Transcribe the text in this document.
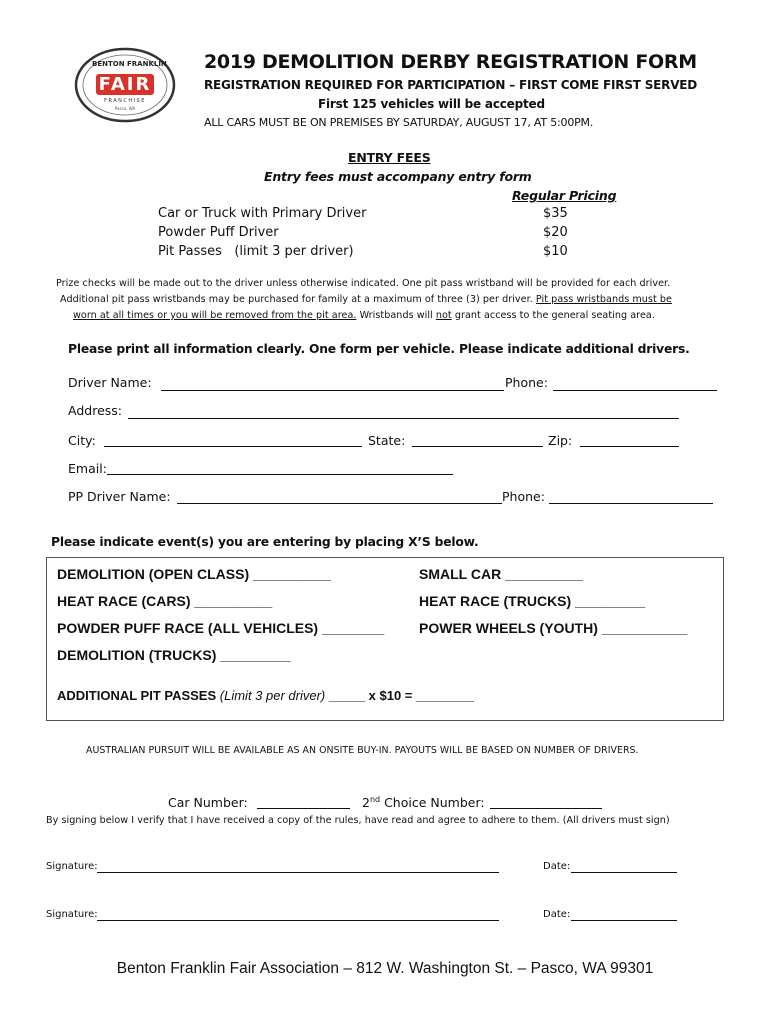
BENTON FRANKLIN
FAIR
FRANCHISE
Pasco, WA
2019 DEMOLITION DERBY REGISTRATION FORM
REGISTRATION REQUIRED FOR PARTICIPATION – FIRST COME FIRST SERVED
First 125 vehicles will be accepted
ALL CARS MUST BE ON PREMISES BY SATURDAY, AUGUST 17, AT 5:00PM.
ENTRY FEES
Entry fees must accompany entry form
Regular Pricing
Car or Truck with Primary Driver	$35
Powder Puff Driver	$20
Pit Passes   (limit 3 per driver)	$10
Prize checks will be made out to the driver unless otherwise indicated. One pit pass wristband will be provided for each driver.
Additional pit pass wristbands may be purchased for family at a maximum of three (3) per driver. Pit pass wristbands must be
worn at all times or you will be removed from the pit area. Wristbands will not grant access to the general seating area.
Please print all information clearly. One form per vehicle. Please indicate additional drivers.
Driver Name:	Phone:
Address:
City:	State:	Zip:
Email:
PP Driver Name:	Phone:
Please indicate event(s) you are entering by placing X’S below.
DEMOLITION (OPEN CLASS) __________	SMALL CAR __________
HEAT RACE (CARS) __________	HEAT RACE (TRUCKS) _________
POWDER PUFF RACE (ALL VEHICLES) ________ POWER WHEELS (YOUTH) ___________
DEMOLITION (TRUCKS) _________
ADDITIONAL PIT PASSES (Limit 3 per driver) _____ x $10 = ________
AUSTRALIAN PURSUIT WILL BE AVAILABLE AS AN ONSITE BUY-IN. PAYOUTS WILL BE BASED ON NUMBER OF DRIVERS.
Car Number:	2nd Choice Number:
By signing below I verify that I have received a copy of the rules, have read and agree to adhere to them. (All drivers must sign)
Signature:	Date:
Signature:	Date:
Benton Franklin Fair Association – 812 W. Washington St. – Pasco, WA 99301
